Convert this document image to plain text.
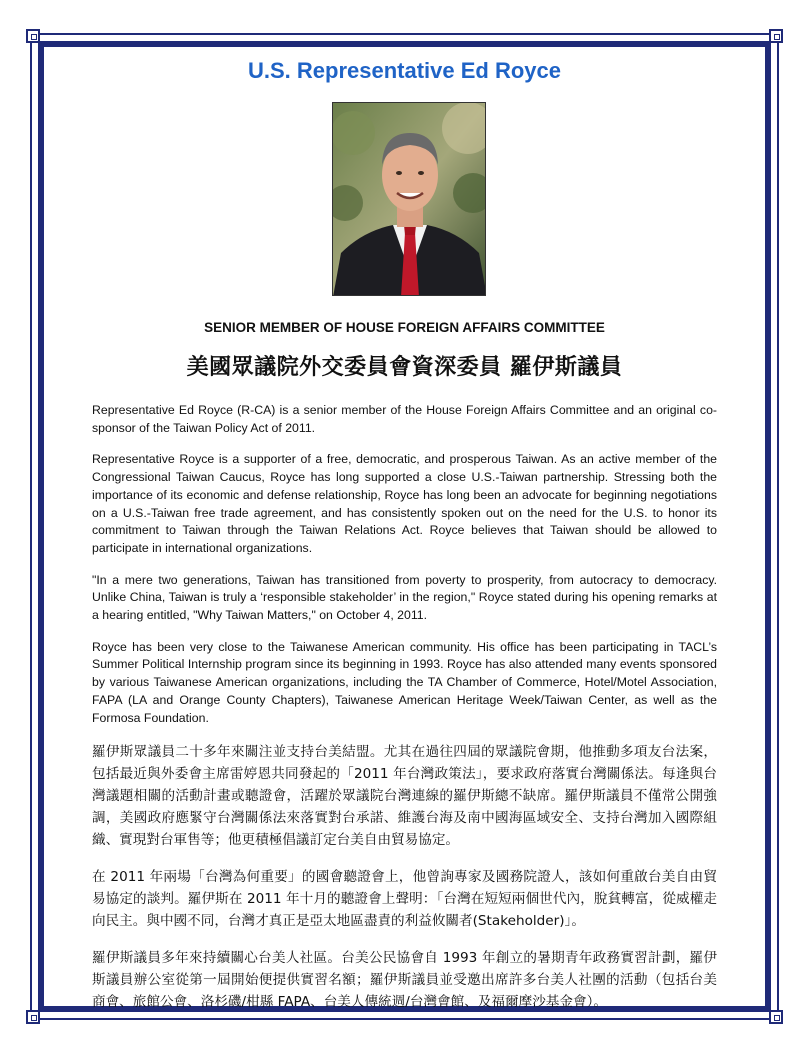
U.S. Representative Ed Royce
SENIOR MEMBER OF HOUSE FOREIGN AFFAIRS COMMITTEE
美國眾議院外交委員會資深委員 羅伊斯議員

Representative Ed Royce (R-CA) is a senior member of the House Foreign Affairs Committee and an original co-sponsor of the Taiwan Policy Act of 2011.

Representative Royce is a supporter of a free, democratic, and prosperous Taiwan. As an active member of the Congressional Taiwan Caucus, Royce has long supported a close U.S.-Taiwan partnership. Stressing both the importance of its economic and defense relationship, Royce has long been an advocate for beginning negotiations on a U.S.-Taiwan free trade agreement, and has consistently spoken out on the need for the U.S. to honor its commitment to Taiwan through the Taiwan Relations Act. Royce believes that Taiwan should be allowed to participate in international organizations.

"In a mere two generations, Taiwan has transitioned from poverty to prosperity, from autocracy to democracy. Unlike China, Taiwan is truly a ‘responsible stakeholder’ in the region," Royce stated during his opening remarks at a hearing entitled, "Why Taiwan Matters," on October 4, 2011.

Royce has been very close to the Taiwanese American community. His office has been participating in TACL’s Summer Political Internship program since its beginning in 1993. Royce has also attended many events sponsored by various Taiwanese American organizations, including the TA Chamber of Commerce, Hotel/Motel Association, FAPA (LA and Orange County Chapters), Taiwanese American Heritage Week/Taiwan Center, as well as the Formosa Foundation.

羅伊斯眾議員二十多年來關注並支持台美結盟。尤其在過往四屆的眾議院會期，他推動多項友台法案，包括最近與外委會主席雷婷恩共同發起的「2011 年台灣政策法」，要求政府落實台灣關係法。每逢與台灣議題相關的活動計畫或聽證會，活躍於眾議院台灣連線的羅伊斯總不缺席。羅伊斯議員不僅常公開強調，美國政府應緊守台灣關係法來落實對台承諾、維護台海及南中國海區域安全、支持台灣加入國際組織、實現對台軍售等；他更積極倡議訂定台美自由貿易協定。

在 2011 年兩場「台灣為何重要」的國會聽證會上，他曾詢專家及國務院證人，該如何重啟台美自由貿易協定的談判。羅伊斯在 2011 年十月的聽證會上聲明：「台灣在短短兩個世代內，脫貧轉富，從威權走向民主。與中國不同，台灣才真正是亞太地區盡責的利益攸關者(Stakeholder)」。

羅伊斯議員多年來持續關心台美人社區。台美公民協會自 1993 年創立的暑期青年政務實習計劃，羅伊斯議員辦公室從第一屆開始便提供實習名額；羅伊斯議員並受邀出席許多台美人社團的活動（包括台美商會、旅館公會、洛杉磯/柑縣 FAPA、台美人傳統週/台灣會館、及福爾摩沙基金會）。
